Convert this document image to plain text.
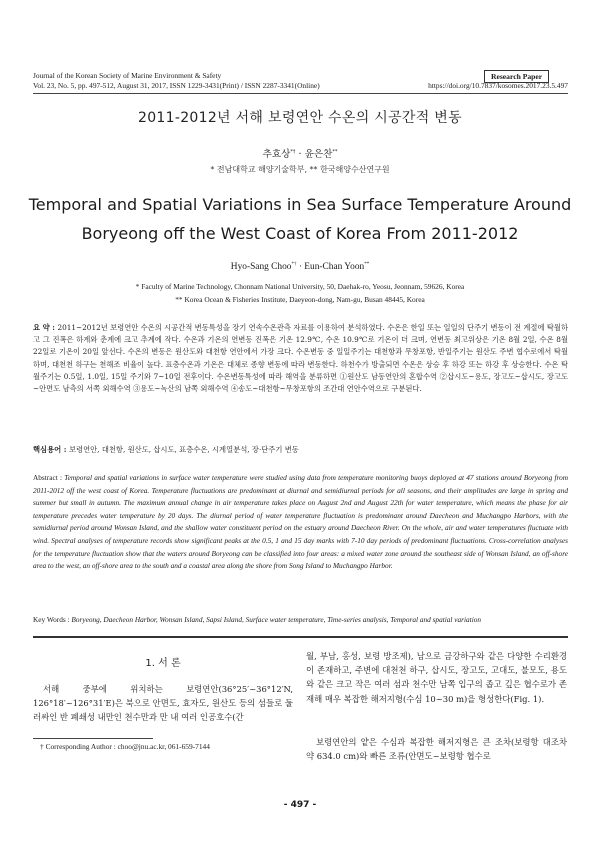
Journal of the Korean Society of Marine Environment & Safety	Research Paper
Vol. 23, No. 5, pp. 497-512, August 31, 2017, ISSN 1229-3431(Print) / ISSN 2287-3341(Online)	https://doi.org/10.7837/kosomes.2017.23.5.497
2011-2012년 서해 보령연안 수온의 시공간적 변동
추효상*† · 윤은찬**
* 전남대학교 해양기술학부, ** 한국해양수산연구원
Temporal and Spatial Variations in Sea Surface Temperature Around
Boryeong off the West Coast of Korea From 2011-2012
Hyo-Sang Choo*† · Eun-Chan Yoon**
* Faculty of Marine Technology, Chonnam National University, 50, Daehak-ro, Yeosu, Jeonnam, 59626, Korea
** Korea Ocean & Fisheries Institute, Daeyeon-dong, Nam-gu, Busan 48445, Korea
요 약 : 2011~2012년 보령연안 수온의 시공간적 변동특성을 장기 연속수온관측 자료를 이용하여 분석하였다. 수온은 한일 또는 일일의 단주기 변동이 전 계절에 탁월하고 그 진폭은 하계와 춘계에 크고 추계에 작다. 수온과 기온의 연변동 진폭은 기온 12.9℃, 수온 10.9℃로 기온이 더 크며, 연변동 최고위상은 기온 8월 2일, 수온 8월 22일로 기온이 20일 앞선다. 수온의 변동은 원산도와 대천항 연안에서 가장 크다. 수온변동 중 일일주기는 대천항과 무창포항, 반일주기는 원산도 주변 협수로에서 탁월하며, 대천천 하구는 천해조 비율이 높다. 표층수온과 기온은 대체로 종향 변동에 따라 변동한다. 하천수가 방출되면 수온은 상승 후 하강 또는 하강 후 상승한다. 수온 탁월주기는 0.5일, 1.0일, 15일 주기와 7~10일 전후이다. 수온변동특성에 따라 해역을 분류하면 ①원산도 남동연안의 혼합수역 ②삽시도~용도, 장고도~삽시도, 장고도~안면도 남측의 서쪽 외해수역 ③용도~녹산의 남쪽 외해수역 ④송도~대천항~무창포항의 조간대 연안수역으로 구분된다.
핵심용어 : 보령연안, 대천항, 원산도, 삽시도, 표층수온, 시계열분석, 장·단주기 변동
Abstract : Temporal and spatial variations in surface water temperature were studied using data from temperature monitoring buoys deployed at 47 stations around Boryeong from 2011-2012 off the west coast of Korea. Temperature fluctuations are predominant at diurnal and semidiurnal periods for all seasons, and their amplitudes are large in spring and summer but small in autumn. The maximum annual change in air temperature takes place on August 2nd and August 22th for water temperature, which means the phase for air temperature precedes water temperature by 20 days. The diurnal period of water temperature fluctuation is predominant around Daecheon and Muchangpo Harbors, with the semidiurnal period around Wonsan Island, and the shallow water constituent period on the estuary around Daecheon River. On the whole, air and water temperatures fluctuate with wind. Spectral analyses of temperature records show significant peaks at the 0.5, 1 and 15 day marks with 7-10 day periods of predominant fluctuations. Cross-correlation analyses for the temperature fluctuation show that the waters around Boryeong can be classified into four areas: a mixed water zone around the southeast side of Wonsan Island, an off-shore area to the west, an off-shore area to the south and a coastal area along the shore from Song Island to Muchangpo Harbor.
Key Words : Boryeong, Daecheon Harbor, Wonsan Island, Sapsi Island, Surface water temperature, Time-series analysis, Temporal and spatial variation
1. 서 론
서해 중부에 위치하는 보령연안(36°25′~36°12′N, 126°18′~126°31′E)은 북으로 안면도, 효자도, 원산도 등의 섬들로 둘러싸인 반 폐쇄성 내만인 천수만과 만 내 여러 인공호수(간
† Corresponding Author : choo@jnu.ac.kr, 061-659-7144
월, 부남, 홍성, 보령 방조제), 남으로 금강하구와 같은 다양한 수리환경이 존재하고, 주변에 대천천 하구, 삽시도, 장고도, 고대도, 불모도, 용도와 같은 크고 작은 여러 섬과 천수만 남쪽 입구의 좁고 깊은 협수로가 존재해 매우 복잡한 해저지형(수심 10~30 m)을 형성한다(Fig. 1).
보령연안의 얕은 수심과 복잡한 해저지형은 큰 조차(보령항 대조차 약 634.0 cm)와 빠른 조류(안면도~보령항 협수로
- 497 -
